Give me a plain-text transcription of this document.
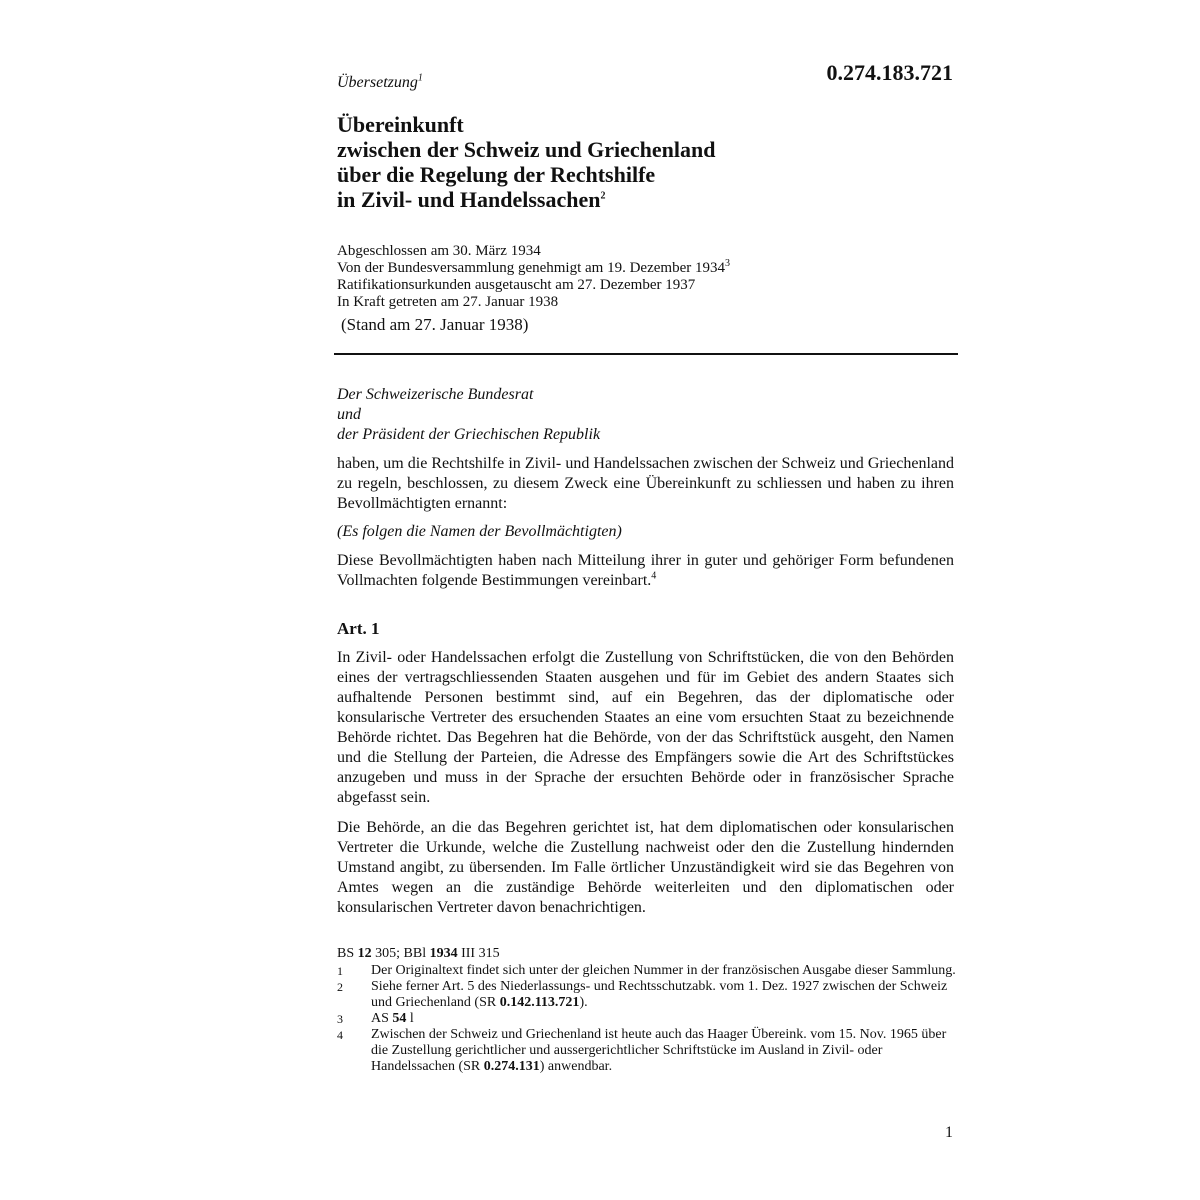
Übersetzung$^1$	0.274.183.721
Übereinkunft
zwischen der Schweiz und Griechenland
über die Regelung der Rechtshilfe
in Zivil- und Handelssachen$^2$
Abgeschlossen am 30. März 1934
Von der Bundesversammlung genehmigt am 19. Dezember 1934$^3$
Ratifikationsurkunden ausgetauscht am 27. Dezember 1937
In Kraft getreten am 27. Januar 1938
(Stand am 27. Januar 1938)
Der Schweizerische Bundesrat
und
der Präsident der Griechischen Republik
haben, um die Rechtshilfe in Zivil- und Handelssachen zwischen der Schweiz und Griechenland zu regeln, beschlossen, zu diesem Zweck eine Übereinkunft zu schliessen und haben zu ihren Bevollmächtigten ernannt:
(Es folgen die Namen der Bevollmächtigten)
Diese Bevollmächtigten haben nach Mitteilung ihrer in guter und gehöriger Form befundenen Vollmachten folgende Bestimmungen vereinbart.$^4$
Art. 1
In Zivil- oder Handelssachen erfolgt die Zustellung von Schriftstücken, die von den Behörden eines der vertragschliessenden Staaten ausgehen und für im Gebiet des andern Staates sich aufhaltende Personen bestimmt sind, auf ein Begehren, das der diplomatische oder konsularische Vertreter des ersuchenden Staates an eine vom ersuchten Staat zu bezeichnende Behörde richtet. Das Begehren hat die Behörde, von der das Schriftstück ausgeht, den Namen und die Stellung der Parteien, die Adresse des Empfängers sowie die Art des Schriftstückes anzugeben und muss in der Sprache der ersuchten Behörde oder in französischer Sprache abgefasst sein.
Die Behörde, an die das Begehren gerichtet ist, hat dem diplomatischen oder konsularischen Vertreter die Urkunde, welche die Zustellung nachweist oder den die Zustellung hindernden Umstand angibt, zu übersenden. Im Falle örtlicher Unzuständigkeit wird sie das Begehren von Amtes wegen an die zuständige Behörde weiterleiten und den diplomatischen oder konsularischen Vertreter davon benachrichtigen.
BS 12 305; BBl 1934 III 315
1	Der Originaltext findet sich unter der gleichen Nummer in der französischen Ausgabe dieser Sammlung.
2	Siehe ferner Art. 5 des Niederlassungs- und Rechtsschutzabk. vom 1. Dez. 1927 zwischen der Schweiz und Griechenland (SR 0.142.113.721).
3	AS 54 l
4	Zwischen der Schweiz und Griechenland ist heute auch das Haager Übereink. vom 15. Nov. 1965 über die Zustellung gerichtlicher und aussergerichtlicher Schriftstücke im Ausland in Zivil- oder Handelssachen (SR 0.274.131) anwendbar.
1
